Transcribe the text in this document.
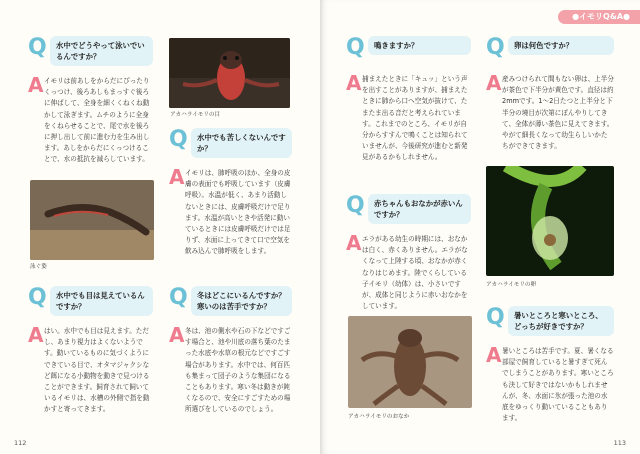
Q	水中でどうやって泳いでいるんですか？
A イモリは前あしをからだにぴったりくっつけ、後ろあしもまっすぐ後ろに伸ばして、全身を細くくねくね動かして泳ぎます。ムチのように全身をくねらせることで、尾で水を後ろに押し出して前に進む力を生み出します。あしをからだにくっつけることで、水の抵抗を減らしています。
アカハライモリの目
Q	水中でも苦しくないんですか？
A イモリは、肺呼吸のほか、全身の皮膚の表面でも呼吸しています（皮膚呼吸）。水温が低く、あまり活動しないときには、皮膚呼吸だけで足ります。水温が高いときや活発に動いているときには皮膚呼吸だけでは足りず、水面に上ってきて口で空気を飲み込んで肺呼吸をします。
泳ぐ姿
Q	水中でも目は見えているんですか？
A はい。水中でも目は見えます。ただし、あまり視力はよくないようです。動いているものに気づくようにできている目で、オタマジャクシなど餌になる小動物を動きで見つけることができます。飼育されて飼いているイモリは、水槽の外側で指を動かすと寄ってきます。
Q	冬はどこにいるんですか？寒いのは苦手ですか？
A 冬は、池の側水や石の下などですごす場合と、池や川底の落ち葉のたまった水底や水草の根元などですごす場合があります。水中では、何百匹も集まって団子のような集団になることもあります。寒い冬は動きが鈍くなるので、安全にすごすための場所選びをしているのでしょう。
112
●イモリQ&A●
Q	鳴きますか？
A 捕まえたときに「キュッ」という声を出すことがありますが、捕まえたときに肺から口へ空気が抜けて、たまたま出る音だと考えられています。これまでのところ、イモリが自分からすすんで鳴くことは知られていませんが、今後研究が進むと新発見があるかもしれません。
Q	卵は何色ですか？
A 産みつけられて間もない卵は、上半分が茶色で下半分が黄色です。直径は約2mmです。1〜2日たつと上半分と下半分の境目が次第にぼんやりしてきて、全体が薄い茶色に見えてきます。やがて細長くなって幼生らしいかたちができてきます。
Q	赤ちゃんもおなかが赤いんですか？
A エラがある幼生の時期には、おなかは白く、赤くありません。エラがなくなって上陸する頃、おなかが赤くなりはじめます。陸でくらしている子イモリ（幼体）は、小さいですが、成体と同じように赤いおなかをしています。
アカハライモリの卵
アカハライモリのおなか
Q	暑いところと寒いところ、どっちが好きですか？
A 暑いところは苦手です。夏、暑くなる部屋で飼育していると暑すぎて死んでしまうことがあります。寒いところも決して好きではないかもしれませんが、冬、水面に氷が張った池の水底をゆっくり動いていることもあります。
113
